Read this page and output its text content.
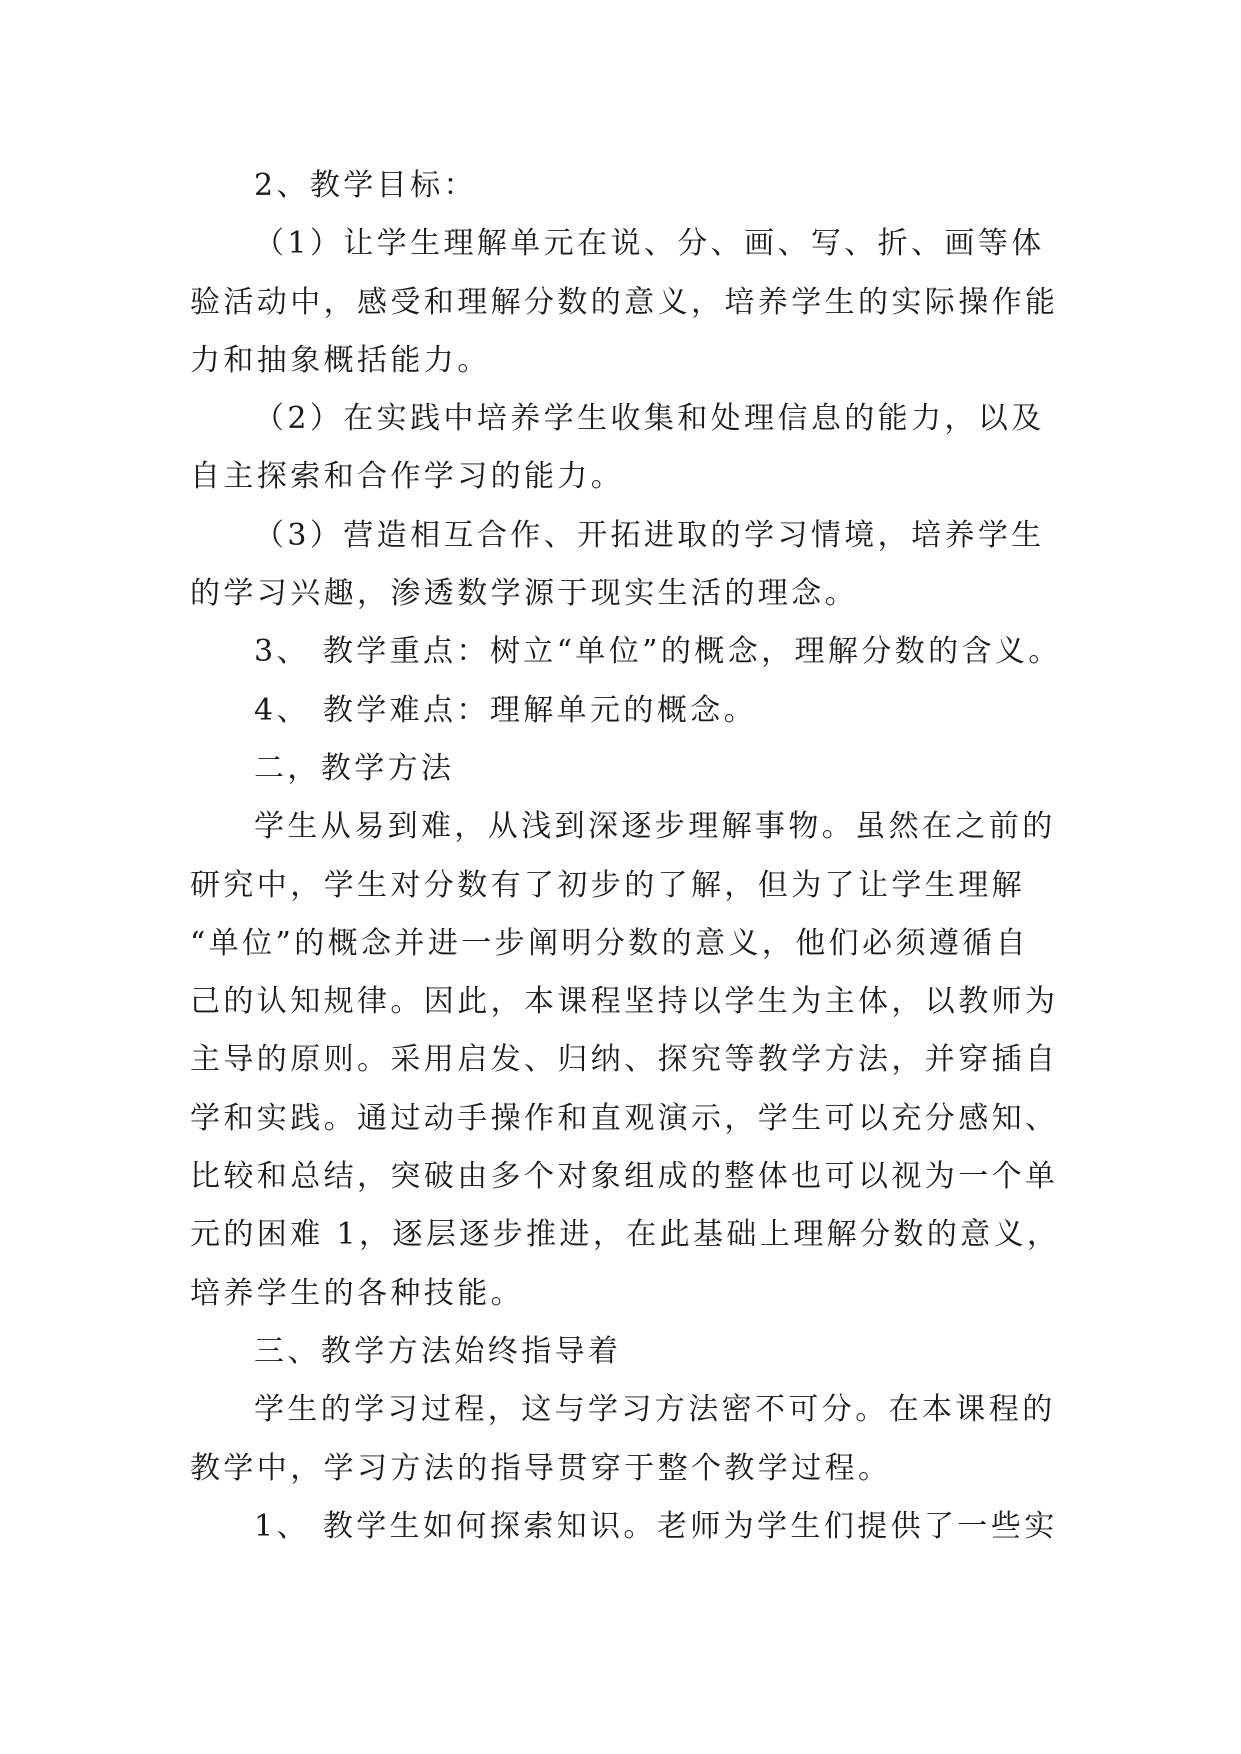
2、教学目标：
（1）让学生理解单元在说、分、画、写、折、画等体
验活动中，感受和理解分数的意义，培养学生的实际操作能
力和抽象概括能力。
（2）在实践中培养学生收集和处理信息的能力，以及
自主探索和合作学习的能力。
（3）营造相互合作、开拓进取的学习情境，培养学生
的学习兴趣，渗透数学源于现实生活的理念。
3、 教学重点：树立“单位”的概念，理解分数的含义。
4、 教学难点：理解单元的概念。
二，教学方法
学生从易到难，从浅到深逐步理解事物。虽然在之前的
研究中，学生对分数有了初步的了解，但为了让学生理解
“单位”的概念并进一步阐明分数的意义，他们必须遵循自
己的认知规律。因此，本课程坚持以学生为主体，以教师为
主导的原则。采用启发、归纳、探究等教学方法，并穿插自
学和实践。通过动手操作和直观演示，学生可以充分感知、
比较和总结，突破由多个对象组成的整体也可以视为一个单
元的困难 1，逐层逐步推进，在此基础上理解分数的意义，
培养学生的各种技能。
三、教学方法始终指导着
学生的学习过程，这与学习方法密不可分。在本课程的
教学中，学习方法的指导贯穿于整个教学过程。
1、 教学生如何探索知识。老师为学生们提供了一些实
